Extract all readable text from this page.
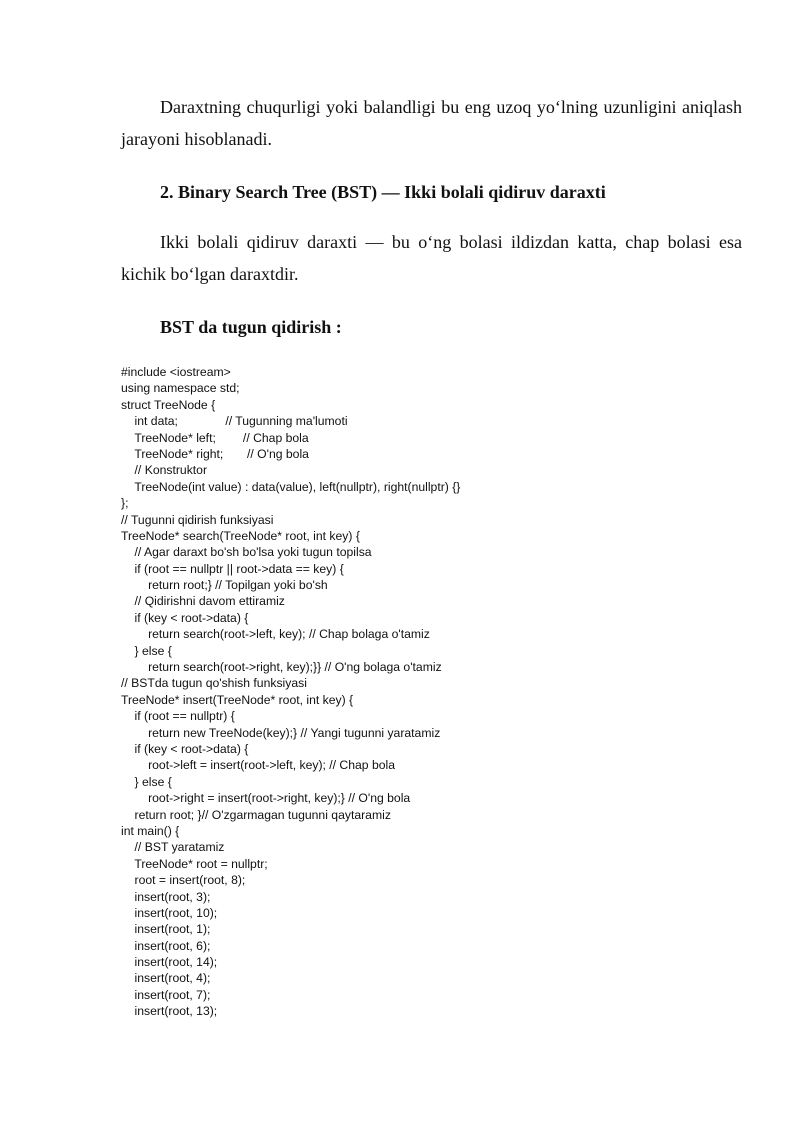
Daraxtning chuqurligi yoki balandligi bu eng uzoq yo‘lning uzunligini aniqlash jarayoni hisoblanadi.

2. Binary Search Tree (BST) — Ikki bolali qidiruv daraxti

Ikki bolali qidiruv daraxti — bu o‘ng bolasi ildizdan katta, chap bolasi esa kichik bo‘lgan daraxtdir.

BST da tugun qidirish :
#include <iostream>
using namespace std;
struct TreeNode {
int data;              // Tugunning ma'lumoti
TreeNode* left;        // Chap bola
TreeNode* right;       // O'ng bola
// Konstruktor
TreeNode(int value) : data(value), left(nullptr), right(nullptr) {}
};
// Tugunni qidirish funksiyasi
TreeNode* search(TreeNode* root, int key) {
// Agar daraxt bo'sh bo'lsa yoki tugun topilsa
if (root == nullptr || root->data == key) {
return root;} // Topilgan yoki bo'sh
// Qidirishni davom ettiramiz
if (key < root->data) {
return search(root->left, key); // Chap bolaga o'tamiz
} else {
return search(root->right, key);}} // O'ng bolaga o'tamiz
// BSTda tugun qo'shish funksiyasi
TreeNode* insert(TreeNode* root, int key) {
if (root == nullptr) {
return new TreeNode(key);} // Yangi tugunni yaratamiz
if (key < root->data) {
root->left = insert(root->left, key); // Chap bola
} else {
root->right = insert(root->right, key);} // O'ng bola
return root; }// O'zgarmagan tugunni qaytaramiz
int main() {
// BST yaratamiz
TreeNode* root = nullptr;
root = insert(root, 8);
insert(root, 3);
insert(root, 10);
insert(root, 1);
insert(root, 6);
insert(root, 14);
insert(root, 4);
insert(root, 7);
insert(root, 13);
